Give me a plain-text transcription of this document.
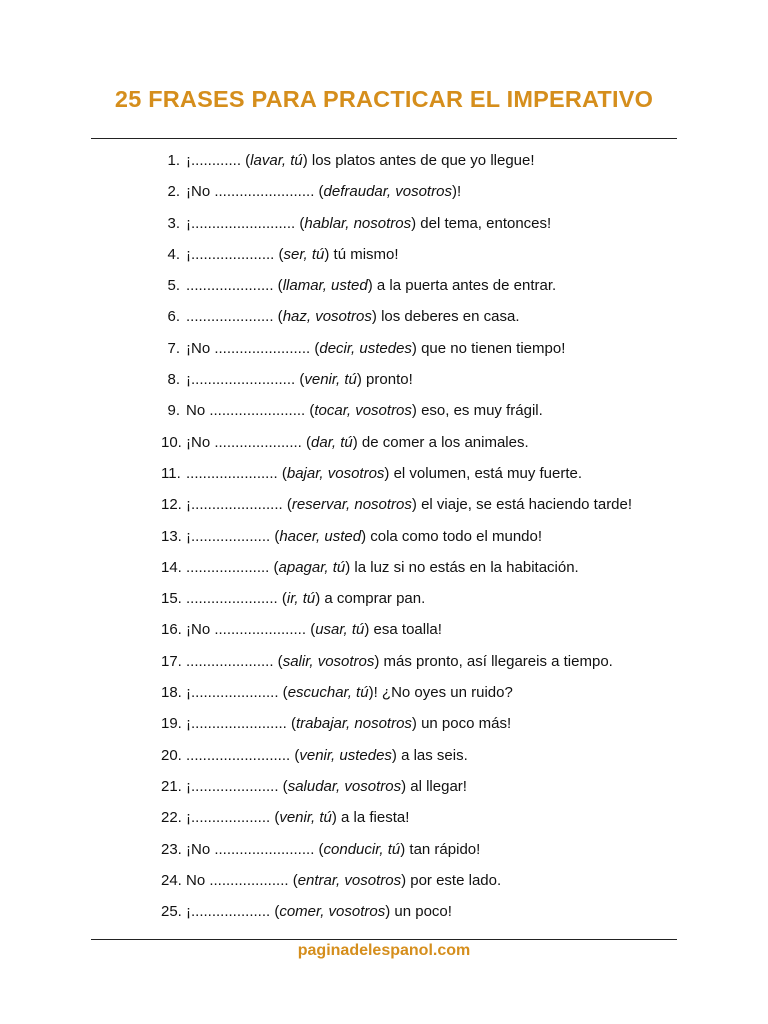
25 FRASES PARA PRACTICAR EL IMPERATIVO
1. ¡............ (lavar, tú) los platos antes de que yo llegue!
2. ¡No ........................ (defraudar, vosotros)!
3. ¡......................... (hablar, nosotros) del tema, entonces!
4. ¡.................... (ser, tú) tú mismo!
5. ..................... (llamar, usted) a la puerta antes de entrar.
6. ..................... (haz, vosotros) los deberes en casa.
7. ¡No ....................... (decir, ustedes) que no tienen tiempo!
8. ¡......................... (venir, tú) pronto!
9. No ....................... (tocar, vosotros) eso, es muy frágil.
10. ¡No ..................... (dar, tú) de comer a los animales.
11. ...................... (bajar, vosotros) el volumen, está muy fuerte.
12. ¡...................... (reservar, nosotros) el viaje, se está haciendo tarde!
13. ¡................... (hacer, usted) cola como todo el mundo!
14. .................... (apagar, tú) la luz si no estás en la habitación.
15. ...................... (ir, tú) a comprar pan.
16. ¡No ...................... (usar, tú) esa toalla!
17. ..................... (salir, vosotros) más pronto, así llegareis a tiempo.
18. ¡..................... (escuchar, tú)! ¿No oyes un ruido?
19. ¡....................... (trabajar, nosotros) un poco más!
20. ......................... (venir, ustedes) a las seis.
21. ¡..................... (saludar, vosotros) al llegar!
22. ¡................... (venir, tú) a la fiesta!
23. ¡No ........................ (conducir, tú) tan rápido!
24. No ................... (entrar, vosotros) por este lado.
25. ¡................... (comer, vosotros) un poco!

paginadelespanol.com
